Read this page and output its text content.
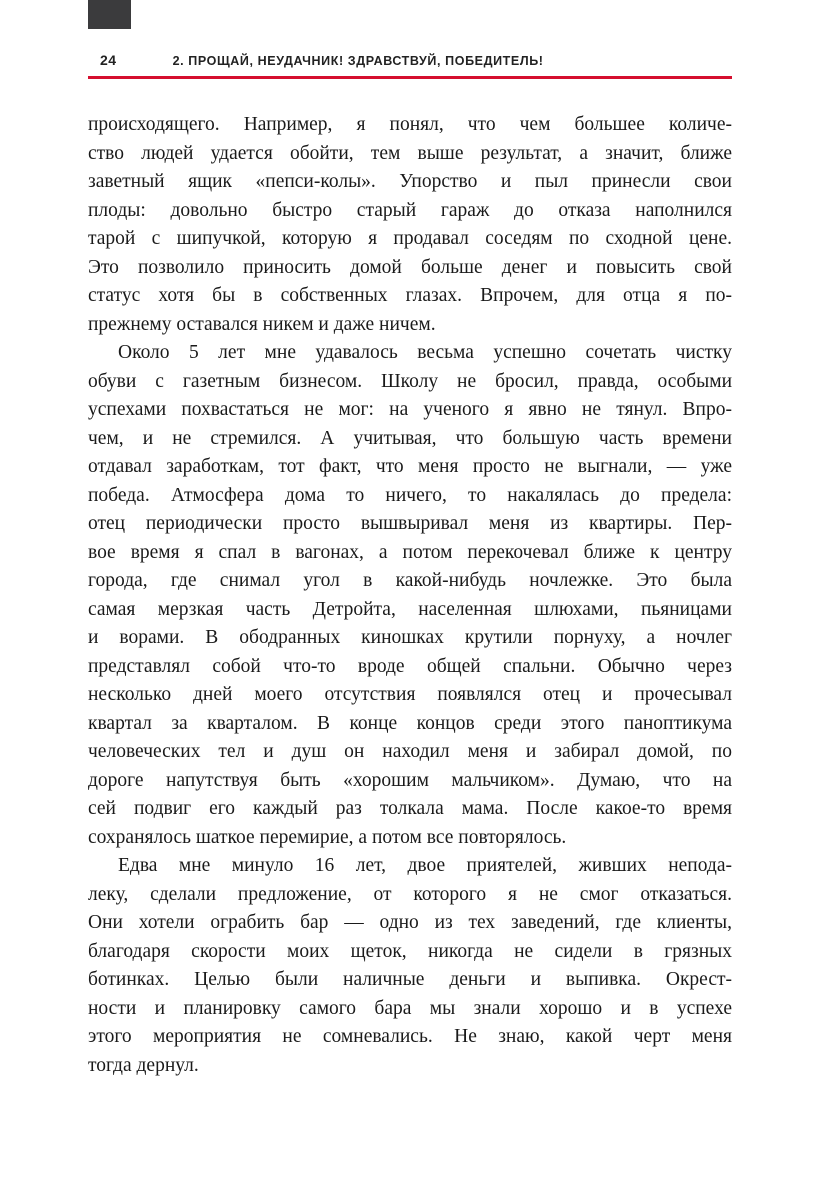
24	2. ПРОЩАЙ, НЕУДАЧНИК! ЗДРАВСТВУЙ, ПОБЕДИТЕЛЬ!
происходящего. Например, я понял, что чем большее количе-
ство людей удается обойти, тем выше результат, а значит, ближе
заветный ящик «пепси-колы». Упорство и пыл принесли свои
плоды: довольно быстро старый гараж до отказа наполнился
тарой с шипучкой, которую я продавал соседям по сходной цене.
Это позволило приносить домой больше денег и повысить свой
статус хотя бы в собственных глазах. Впрочем, для отца я по-
прежнему оставался никем и даже ничем.
Около 5 лет мне удавалось весьма успешно сочетать чистку
обуви с газетным бизнесом. Школу не бросил, правда, особыми
успехами похвастаться не мог: на ученого я явно не тянул. Впро-
чем, и не стремился. А учитывая, что большую часть времени
отдавал заработкам, тот факт, что меня просто не выгнали, — уже
победа. Атмосфера дома то ничего, то накалялась до предела:
отец периодически просто вышвыривал меня из квартиры. Пер-
вое время я спал в вагонах, а потом перекочевал ближе к центру
города, где снимал угол в какой-нибудь ночлежке. Это была
самая мерзкая часть Детройта, населенная шлюхами, пьяницами
и ворами. В ободранных киношках крутили порнуху, а ночлег
представлял собой что-то вроде общей спальни. Обычно через
несколько дней моего отсутствия появлялся отец и прочесывал
квартал за кварталом. В конце концов среди этого паноптикума
человеческих тел и душ он находил меня и забирал домой, по
дороге напутствуя быть «хорошим мальчиком». Думаю, что на
сей подвиг его каждый раз толкала мама. После какое-то время
сохранялось шаткое перемирие, а потом все повторялось.
Едва мне минуло 16 лет, двое приятелей, живших непода-
леку, сделали предложение, от которого я не смог отказаться.
Они хотели ограбить бар — одно из тех заведений, где клиенты,
благодаря скорости моих щеток, никогда не сидели в грязных
ботинках. Целью были наличные деньги и выпивка. Окрест-
ности и планировку самого бара мы знали хорошо и в успехе
этого мероприятия не сомневались. Не знаю, какой черт меня
тогда дернул.
